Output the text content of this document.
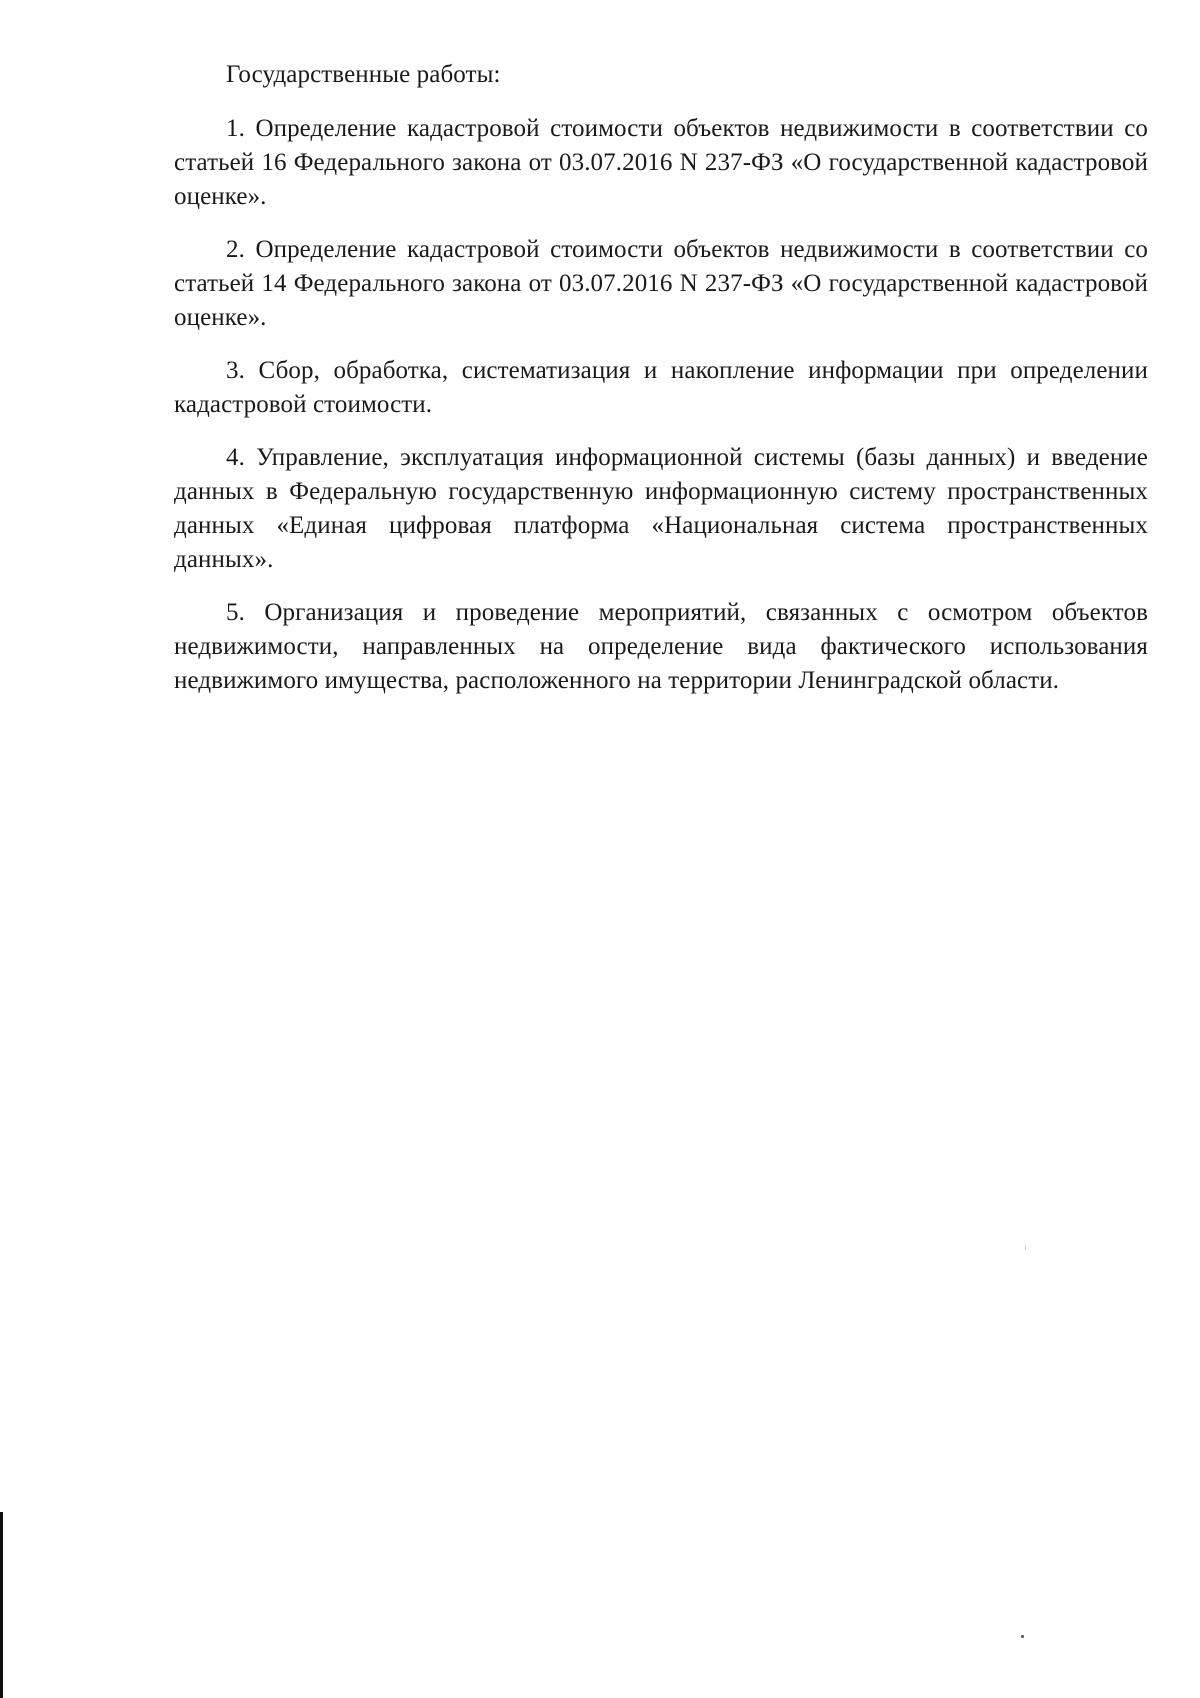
Государственные работы:

1. Определение кадастровой стоимости объектов недвижимости в соответствии со статьей 16 Федерального закона от 03.07.2016 N 237-ФЗ «О государственной кадастровой оценке».

2. Определение кадастровой стоимости объектов недвижимости в соответствии со статьей 14 Федерального закона от 03.07.2016 N 237-ФЗ «О государственной кадастровой оценке».

3. Сбор, обработка, систематизация и накопление информации при определении кадастровой стоимости.

4. Управление, эксплуатация информационной системы (базы данных) и введение данных в Федеральную государственную информационную систему пространственных данных «Единая цифровая платформа «Национальная система пространственных данных».

5. Организация и проведение мероприятий, связанных с осмотром объектов недвижимости, направленных на определение вида фактического использования недвижимого имущества, расположенного на территории Ленинградской области.
